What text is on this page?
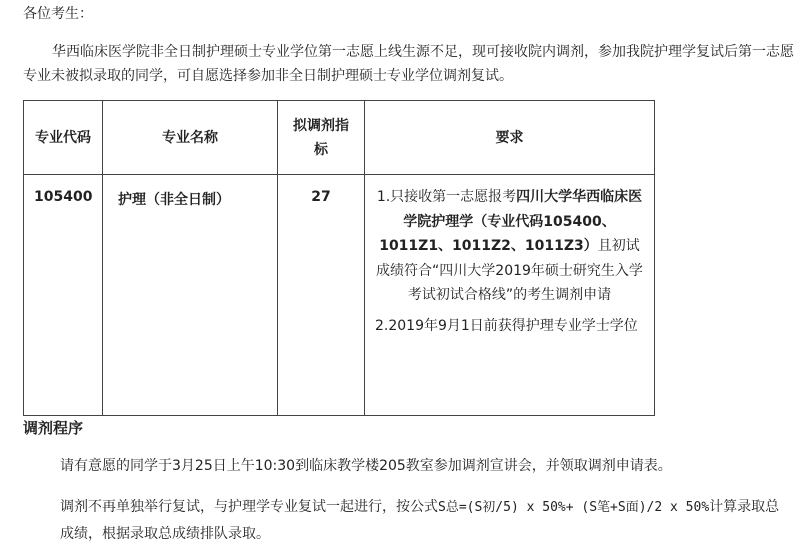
各位考生：

华西临床医学院非全日制护理硕士专业学位第一志愿上线生源不足，现可接收院内调剂，参加我院护理学复试后第一志愿专业未被拟录取的同学，可自愿选择参加非全日制护理硕士专业学位调剂复试。

专业代码	专业名称	拟调剂指标	要求
105400	护理（非全日制）	27	1.只接收第一志愿报考四川大学华西临床医学院护理学（专业代码105400、1011Z1、1011Z2、1011Z3）且初试成绩符合“四川大学2019年硕士研究生入学考试初试合格线”的考生调剂申请
2.2019年9月1日前获得护理专业学士学位

调剂程序

请有意愿的同学于3月25日上午10:30到临床教学楼205教室参加调剂宣讲会，并领取调剂申请表。

调剂不再单独举行复试，与护理学专业复试一起进行，按公式S总=(S初/5) x 50%+ (S笔+S面)/2 x 50%计算录取总成绩，根据录取总成绩排队录取。
